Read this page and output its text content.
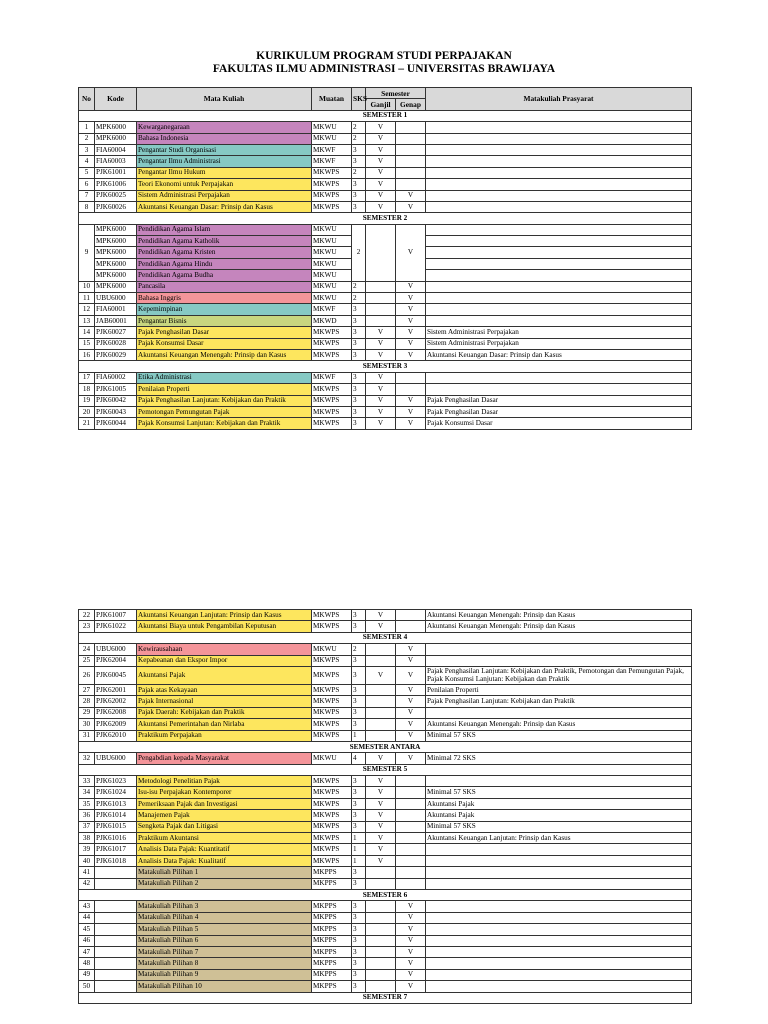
KURIKULUM PROGRAM STUDI PERPAJAKAN
FAKULTAS ILMU ADMINISTRASI – UNIVERSITAS BRAWIJAYA
No	Kode	Mata Kuliah	Muatan	SKS	Semester		Matakuliah Prasyarat
					Ganjil	Genap	
SEMESTER 1							
1	MPK6000	Kewarganegaraan	MKWU	2	V		
2	MPK6000	Bahasa Indonesia	MKWU	2	V		
3	FIA60004	Pengantar Studi Organisasi	MKWF	3	V		
4	FIA60003	Pengantar Ilmu Administrasi	MKWF	3	V		
5	PJK61001	Pengantar Ilmu Hukum	MKWPS	2	V		
6	PJK61006	Teori Ekonomi untuk Perpajakan	MKWPS	3	V		
7	PJK60025	Sistem Administrasi Perpajakan	MKWPS	3	V	V	
8	PJK60026	Akuntansi Keuangan Dasar: Prinsip dan Kasus	MKWPS	3	V	V	
SEMESTER 2							
9	MPK6000	Pendidikan Agama Islam	MKWU	2		V	
	MPK6000	Pendidikan Agama Katholik	MKWU				
	MPK6000	Pendidikan Agama Kristen	MKWU				
	MPK6000	Pendidikan Agama Hindu	MKWU				
	MPK6000	Pendidikan Agama Budha	MKWU				
10	MPK6000	Pancasila	MKWU	2		V	
11	UBU6000	Bahasa Inggris	MKWU	2		V	
12	FIA60001	Kepemimpinan	MKWF	3		V	
13	JAB60001	Pengantar Bisnis	MKWD	3		V	
14	PJK60027	Pajak Penghasilan Dasar	MKWPS	3	V	V	Sistem Administrasi Perpajakan
15	PJK60028	Pajak Konsumsi Dasar	MKWPS	3	V	V	Sistem Administrasi Perpajakan
16	PJK60029	Akuntansi Keuangan Menengah: Prinsip dan Kasus	MKWPS	3	V	V	Akuntansi Keuangan Dasar: Prinsip dan Kasus
SEMESTER 3							
17	FIA60002	Etika Administrasi	MKWF	3	V		
18	PJK61005	Penilaian Properti	MKWPS	3	V		
19	PJK60042	Pajak Penghasilan Lanjutan: Kebijakan dan Praktik	MKWPS	3	V	V	Pajak Penghasilan Dasar
20	PJK60043	Pemotongan Pemungutan Pajak	MKWPS	3	V	V	Pajak Penghasilan Dasar
21	PJK60044	Pajak Konsumsi Lanjutan: Kebijakan dan Praktik	MKWPS	3	V	V	Pajak Konsumsi Dasar
22	PJK61007	Akuntansi Keuangan Lanjutan: Prinsip dan Kasus	MKWPS	3	V		Akuntansi Keuangan Menengah: Prinsip dan Kasus
23	PJK61022	Akuntansi Biaya untuk Pengambilan Keputusan	MKWPS	3	V		Akuntansi Keuangan Menengah: Prinsip dan Kasus
SEMESTER 4							
24	UBU6000	Kewirausahaan	MKWU	2		V	
25	PJK62004	Kepabeanan dan Ekspor Impor	MKWPS	3		V	
26	PJK60045	Akuntansi Pajak	MKWPS	3	V	V	Pajak Penghasilan Lanjutan: Kebijakan dan Praktik, Pemotongan dan Pemungutan Pajak, Pajak Konsumsi Lanjutan: Kebijakan dan Praktik
27	PJK62001	Pajak atas Kekayaan	MKWPS	3		V	Penilaian Properti
28	PJK62002	Pajak Internasional	MKWPS	3		V	Pajak Penghasilan Lanjutan: Kebijakan dan Praktik
29	PJK62008	Pajak Daerah: Kebijakan dan Praktik	MKWPS	3		V	
30	PJK62009	Akuntansi Pemerintahan dan Nirlaba	MKWPS	3		V	Akuntansi Keuangan Menengah: Prinsip dan Kasus
31	PJK62010	Praktikum Perpajakan	MKWPS	1		V	Minimal 57 SKS
SEMESTER ANTARA							
32	UBU6000	Pengabdian kepada Masyarakat	MKWU	4	V	V	Minimal 72 SKS
SEMESTER 5							
33	PJK61023	Metodologi Penelitian Pajak	MKWPS	3	V		
34	PJK61024	Isu-isu Perpajakan Kontemporer	MKWPS	3	V		Minimal 57 SKS
35	PJK61013	Pemeriksaan Pajak dan Investigasi	MKWPS	3	V		Akuntansi Pajak
36	PJK61014	Manajemen Pajak	MKWPS	3	V		Akuntansi Pajak
37	PJK61015	Sengketa Pajak dan Litigasi	MKWPS	3	V		Minimal 57 SKS
38	PJK61016	Praktikum Akuntansi	MKWPS	1	V		Akuntansi Keuangan Lanjutan: Prinsip dan Kasus
39	PJK61017	Analisis Data Pajak: Kuantitatif	MKWPS	1	V		
40	PJK61018	Analisis Data Pajak: Kualitatif	MKWPS	1	V		
41		Matakuliah Pilihan 1	MKPPS	3			
42		Matakuliah Pilihan 2	MKPPS	3			
SEMESTER 6							
43		Matakuliah Pilihan 3	MKPPS	3		V	
44		Matakuliah Pilihan 4	MKPPS	3		V	
45		Matakuliah Pilihan 5	MKPPS	3		V	
46		Matakuliah Pilihan 6	MKPPS	3		V	
47		Matakuliah Pilihan 7	MKPPS	3		V	
48		Matakuliah Pilihan 8	MKPPS	3		V	
49		Matakuliah Pilihan 9	MKPPS	3		V	
50		Matakuliah Pilihan 10	MKPPS	3		V	
SEMESTER 7							
